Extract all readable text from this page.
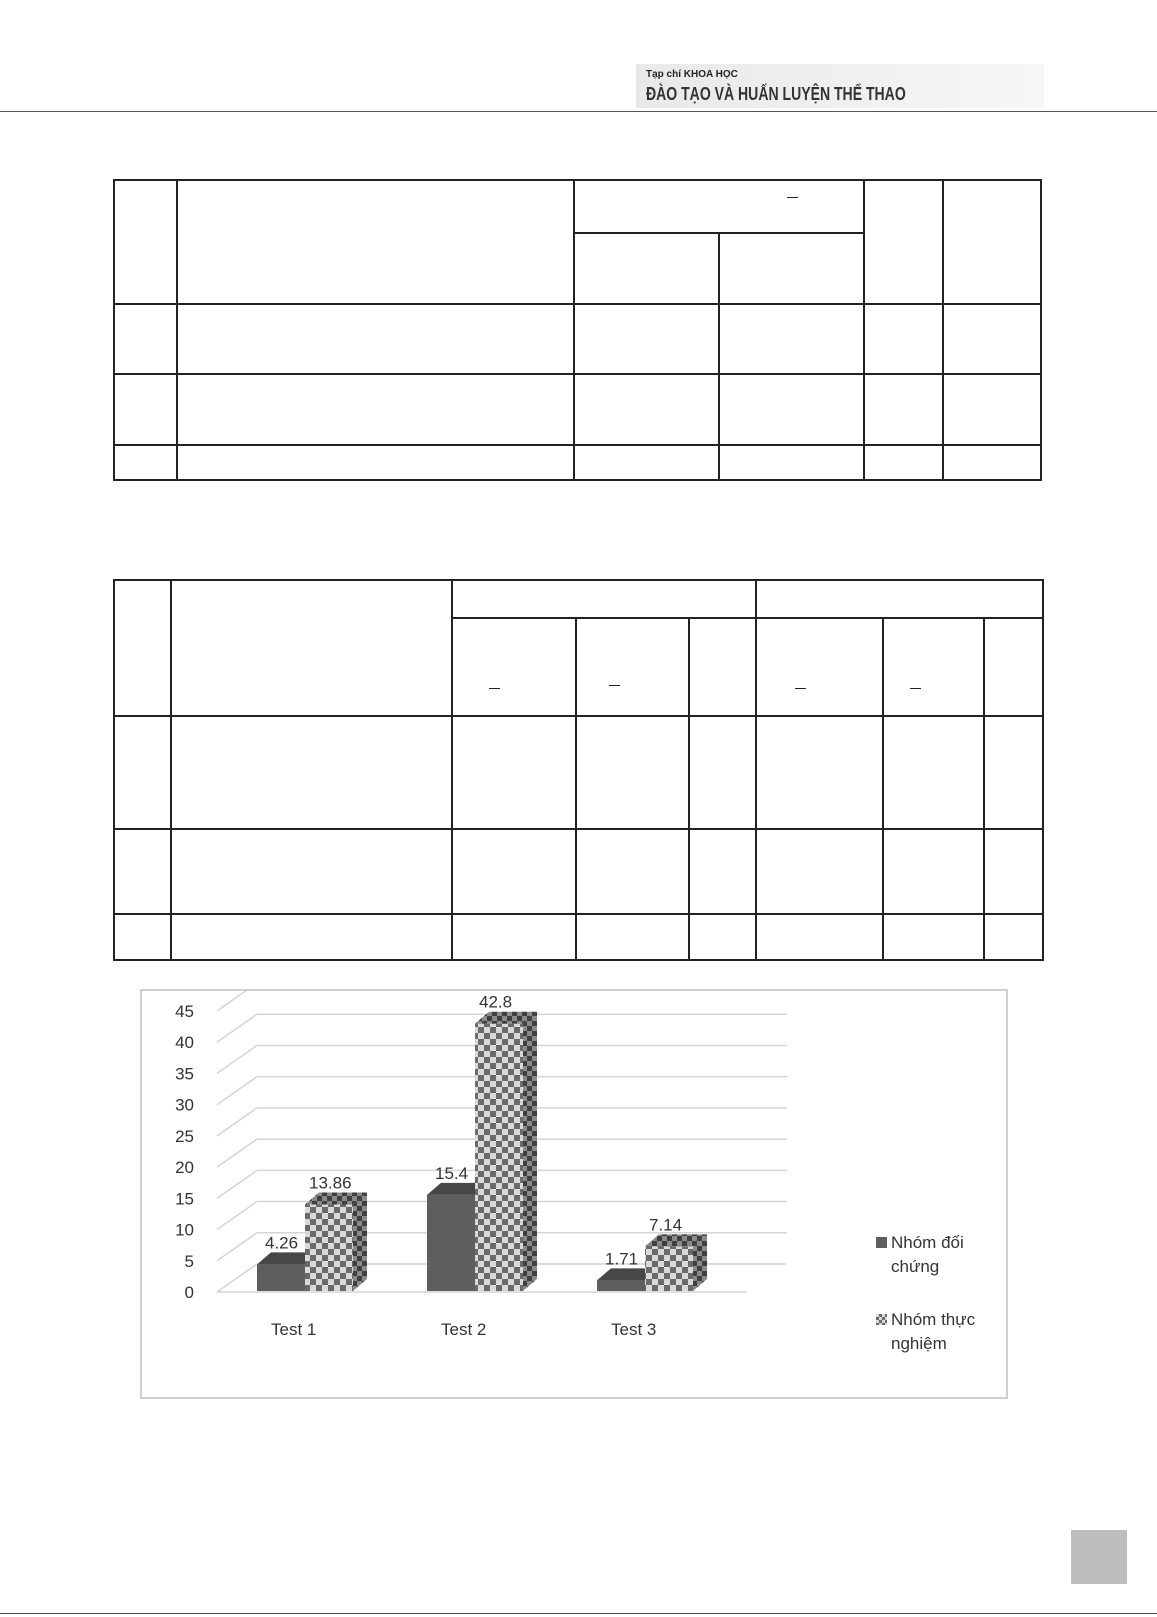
Tạp chí KHOA HỌC
ĐÀO TẠO VÀ HUẤN LUYỆN THỂ THAO

0
5
10
15
20
25
30
35
40
45
4.26
13.86
15.4
42.8
1.71
7.14
Test 1	Test 2	Test 3
Nhóm đối
chứng
Nhóm thực
nghiệm
